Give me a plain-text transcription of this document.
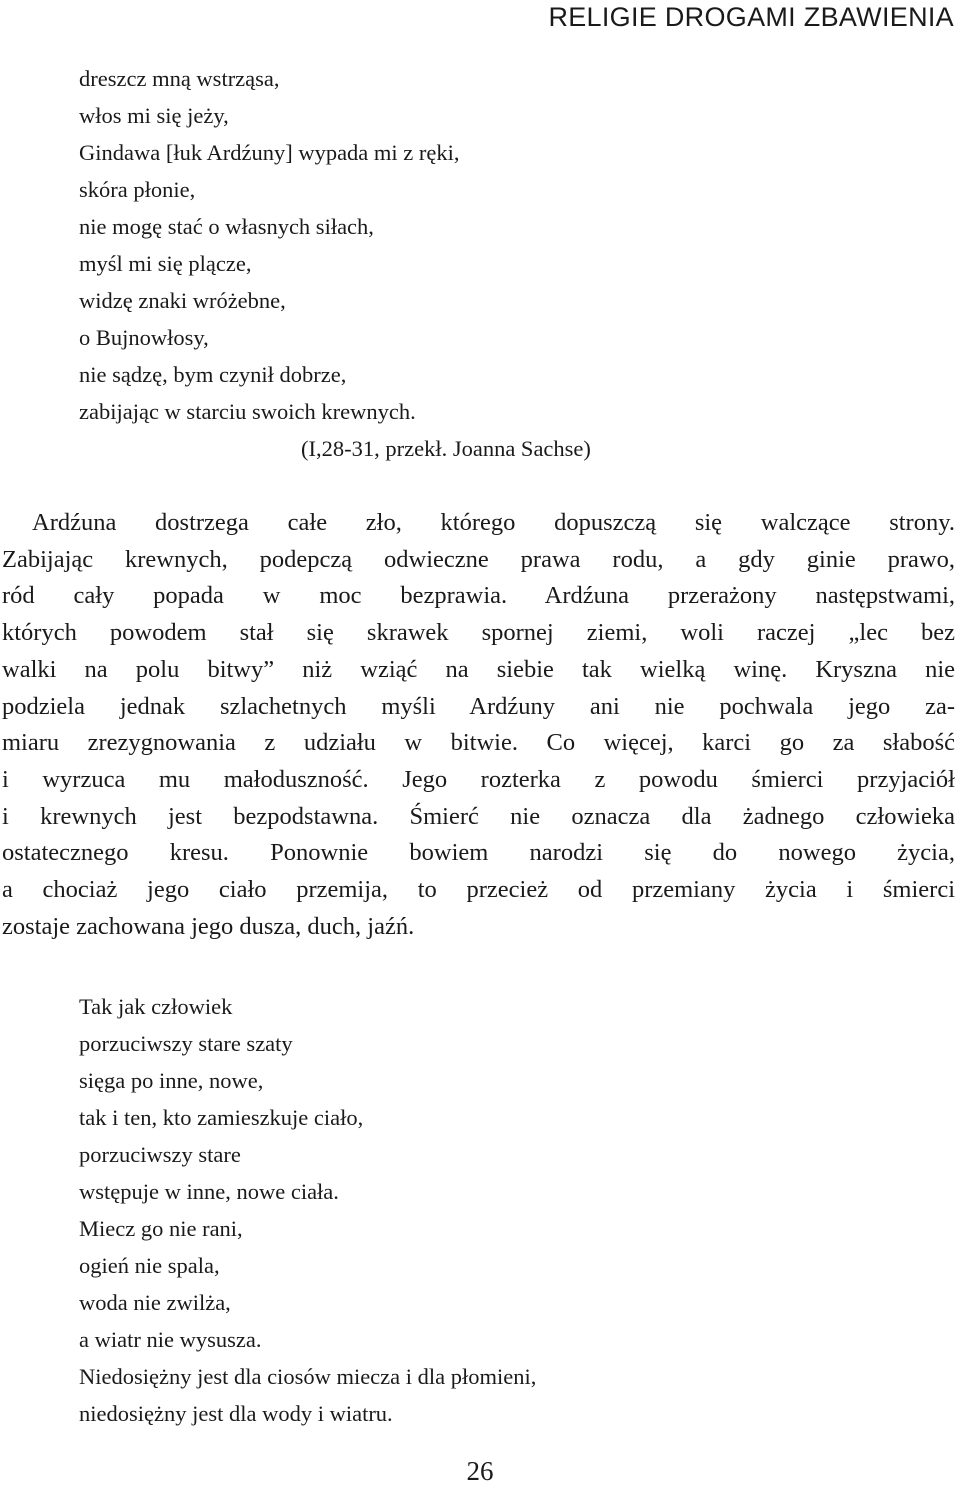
RELIGIE DROGAMI ZBAWIENIA
dreszcz mną wstrząsa,
włos mi się jeży,
Gindawa [łuk Ardźuny] wypada mi z ręki,
skóra płonie,
nie mogę stać o własnych siłach,
myśl mi się plącze,
widzę znaki wróżebne,
o Bujnowłosy,
nie sądzę, bym czynił dobrze,
zabijając w starciu swoich krewnych.
(I,28-31, przekł. Joanna Sachse)
Ardźuna dostrzega całe zło, którego dopuszczą się walczące strony.
Zabijając krewnych, podepczą odwieczne prawa rodu, a gdy ginie prawo,
ród cały popada w moc bezprawia. Ardźuna przerażony następstwami,
których powodem stał się skrawek spornej ziemi, woli raczej „lec bez
walki na polu bitwy” niż wziąć na siebie tak wielką winę. Kryszna nie
podziela jednak szlachetnych myśli Ardźuny ani nie pochwala jego za-
miaru zrezygnowania z udziału w bitwie. Co więcej, karci go za słabość
i wyrzuca mu małoduszność. Jego rozterka z powodu śmierci przyjaciół
i krewnych jest bezpodstawna. Śmierć nie oznacza dla żadnego człowieka
ostatecznego kresu. Ponownie bowiem narodzi się do nowego życia,
a chociaż jego ciało przemija, to przecież od przemiany życia i śmierci
zostaje zachowana jego dusza, duch, jaźń.
Tak jak człowiek
porzuciwszy stare szaty
sięga po inne, nowe,
tak i ten, kto zamieszkuje ciało,
porzuciwszy stare
wstępuje w inne, nowe ciała.
Miecz go nie rani,
ogień nie spala,
woda nie zwilża,
a wiatr nie wysusza.
Niedosiężny jest dla ciosów miecza i dla płomieni,
niedosiężny jest dla wody i wiatru.
26
